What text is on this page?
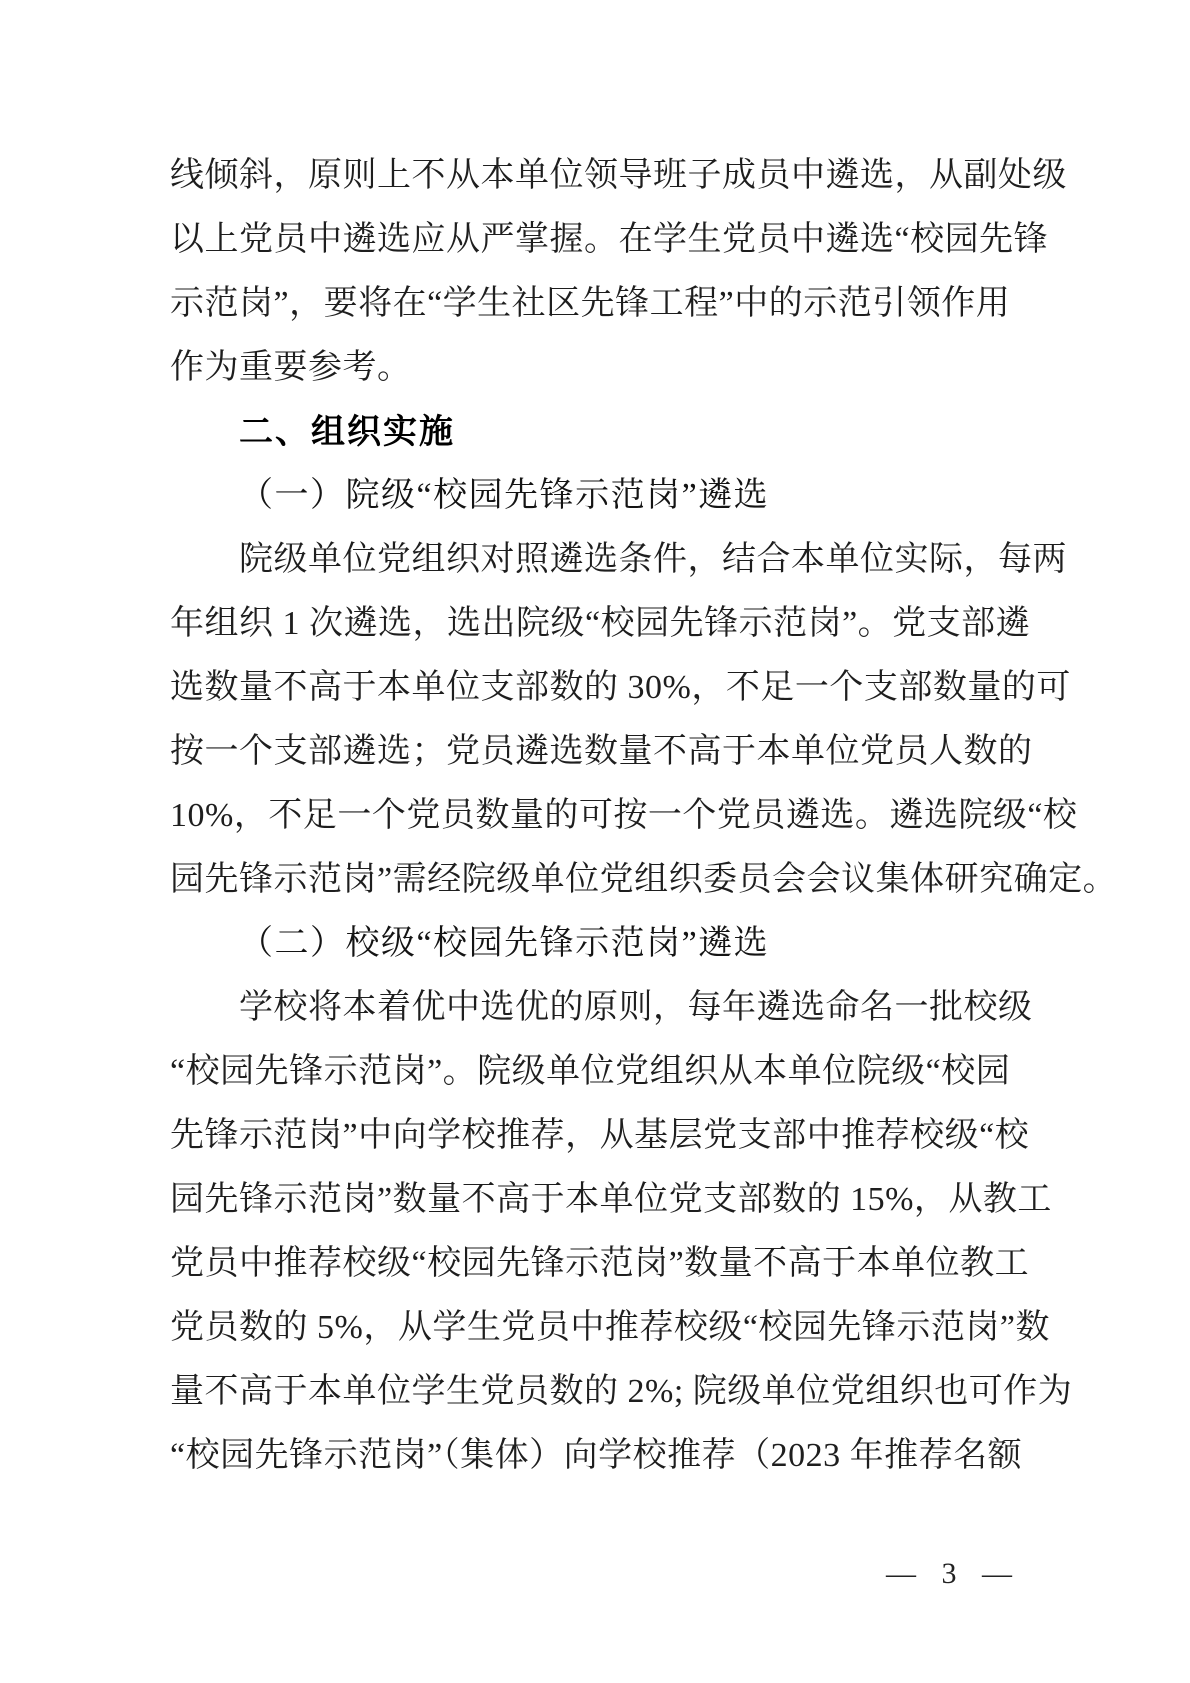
线倾斜，原则上不从本单位领导班子成员中遴选，从副处级
以上党员中遴选应从严掌握。在学生党员中遴选“校园先锋
示范岗”，要将在“学生社区先锋工程”中的示范引领作用
作为重要参考。
二、组织实施
（一）院级“校园先锋示范岗”遴选
院级单位党组织对照遴选条件，结合本单位实际，每两
年组织 1 次遴选，选出院级“校园先锋示范岗”。党支部遴
选数量不高于本单位支部数的 30%，不足一个支部数量的可
按一个支部遴选；党员遴选数量不高于本单位党员人数的
10%，不足一个党员数量的可按一个党员遴选。遴选院级“校
园先锋示范岗”需经院级单位党组织委员会会议集体研究确定。
（二）校级“校园先锋示范岗”遴选
学校将本着优中选优的原则，每年遴选命名一批校级
“校园先锋示范岗”。院级单位党组织从本单位院级“校园
先锋示范岗”中向学校推荐，从基层党支部中推荐校级“校
园先锋示范岗”数量不高于本单位党支部数的 15%，从教工
党员中推荐校级“校园先锋示范岗”数量不高于本单位教工
党员数的 5%，从学生党员中推荐校级“校园先锋示范岗”数
量不高于本单位学生党员数的 2%; 院级单位党组织也可作为
“校园先锋示范岗”（集体）向学校推荐（2023 年推荐名额
— 3 —
